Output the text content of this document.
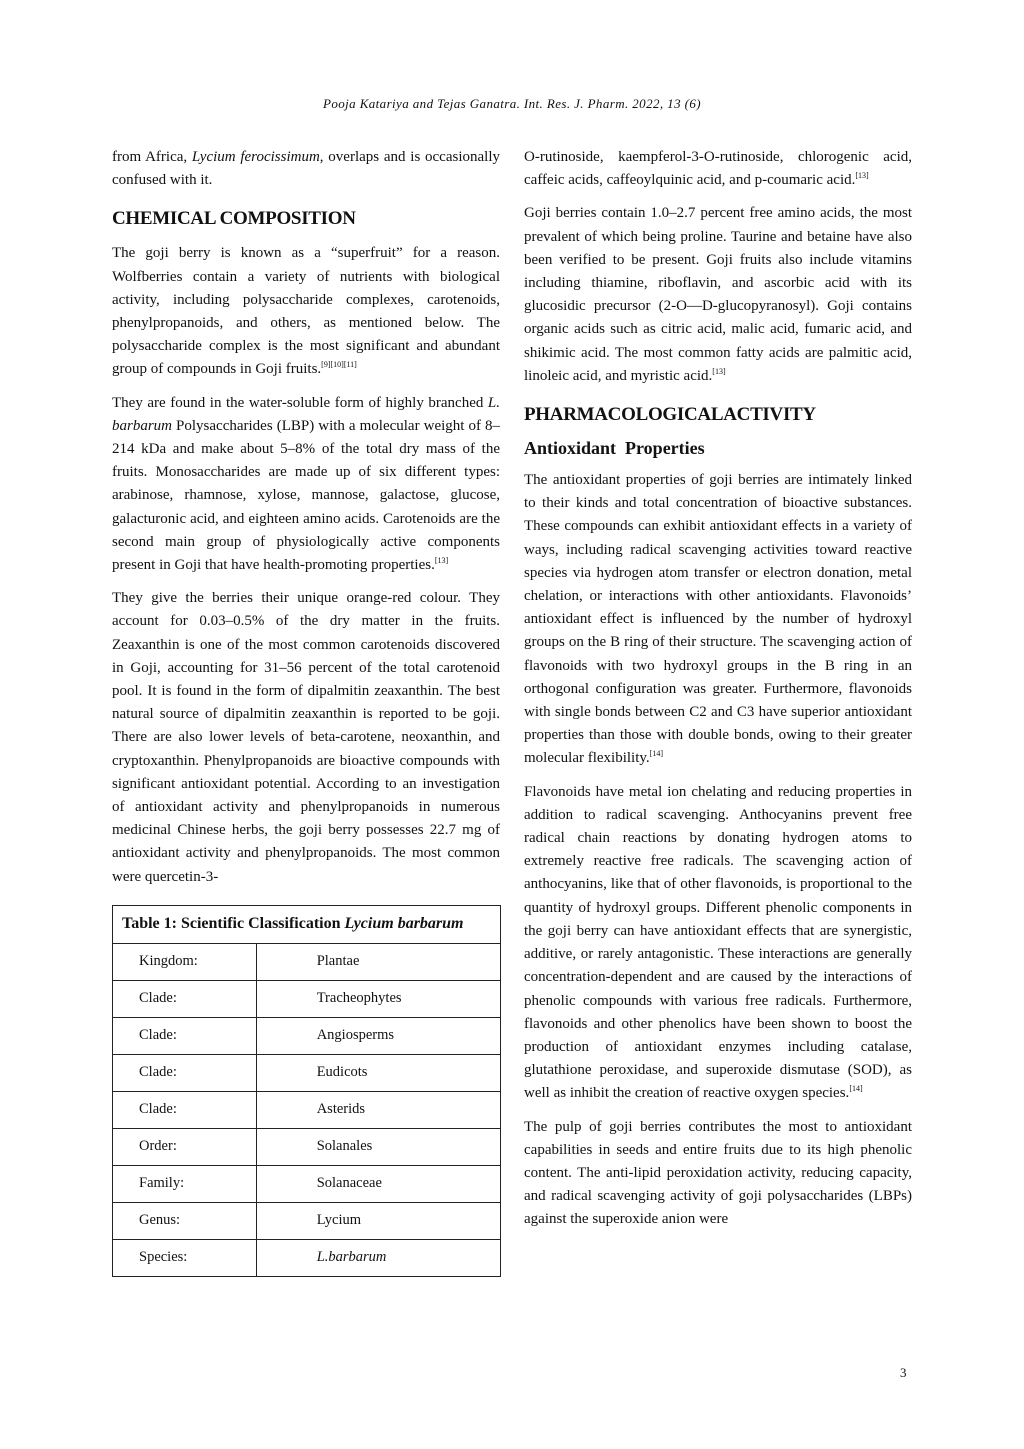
Pooja Katariya and Tejas Ganatra. Int. Res. J. Pharm. 2022, 13 (6)

from Africa, Lycium ferocissimum, overlaps and is occasionally confused with it.

CHEMICAL COMPOSITION

The goji berry is known as a “superfruit” for a reason. Wolfberries contain a variety of nutrients with biological activity, including polysaccharide complexes, carotenoids, phenylpropanoids, and others, as mentioned below. The polysaccharide complex is the most significant and abundant group of compounds in Goji fruits.[9][10][11]

They are found in the water-soluble form of highly branched L. barbarum Polysaccharides (LBP) with a molecular weight of 8–214 kDa and make about 5–8% of the total dry mass of the fruits. Monosaccharides are made up of six different types: arabinose, rhamnose, xylose, mannose, galactose, glucose, galacturonic acid, and eighteen amino acids. Carotenoids are the second main group of physiologically active components present in Goji that have health-promoting properties.[13]

They give the berries their unique orange-red colour. They account for 0.03–0.5% of the dry matter in the fruits. Zeaxanthin is one of the most common carotenoids discovered in Goji, accounting for 31–56 percent of the total carotenoid pool. It is found in the form of dipalmitin zeaxanthin. The best natural source of dipalmitin zeaxanthin is reported to be goji. There are also lower levels of beta-carotene, neoxanthin, and cryptoxanthin. Phenylpropanoids are bioactive compounds with significant antioxidant potential. According to an investigation of antioxidant activity and phenylpropanoids in numerous medicinal Chinese herbs, the goji berry possesses 22.7 mg of antioxidant activity and phenylpropanoids. The most common were quercetin-3-

Table 1: Scientific Classification Lycium barbarum	
Kingdom:	Plantae
Clade:	Tracheophytes
Clade:	Angiosperms
Clade:	Eudicots
Clade:	Asterids
Order:	Solanales
Family:	Solanaceae
Genus:	Lycium
Species:	L.barbarum

O-rutinoside, kaempferol-3-O-rutinoside, chlorogenic acid, caffeic acids, caffeoylquinic acid, and p-coumaric acid.[13]

Goji berries contain 1.0–2.7 percent free amino acids, the most prevalent of which being proline. Taurine and betaine have also been verified to be present. Goji fruits also include vitamins including thiamine, riboflavin, and ascorbic acid with its glucosidic precursor (2-O—D-glucopyranosyl). Goji contains organic acids such as citric acid, malic acid, fumaric acid, and shikimic acid. The most common fatty acids are palmitic acid, linoleic acid, and myristic acid.[13]

PHARMACOLOGICALACTIVITY
Antioxidant  Properties

The antioxidant properties of goji berries are intimately linked to their kinds and total concentration of bioactive substances. These compounds can exhibit antioxidant effects in a variety of ways, including radical scavenging activities toward reactive species via hydrogen atom transfer or electron donation, metal chelation, or interactions with other antioxidants. Flavonoids’ antioxidant effect is influenced by the number of hydroxyl groups on the B ring of their structure. The scavenging action of flavonoids with two hydroxyl groups in the B ring in an orthogonal configuration was greater. Furthermore, flavonoids with single bonds between C2 and C3 have superior antioxidant properties than those with double bonds, owing to their greater molecular flexibility.[14]

Flavonoids have metal ion chelating and reducing properties in addition to radical scavenging. Anthocyanins prevent free radical chain reactions by donating hydrogen atoms to extremely reactive free radicals. The scavenging action of anthocyanins, like that of other flavonoids, is proportional to the quantity of hydroxyl groups. Different phenolic components in the goji berry can have antioxidant effects that are synergistic, additive, or rarely antagonistic. These interactions are generally concentration-dependent and are caused by the interactions of phenolic compounds with various free radicals. Furthermore, flavonoids and other phenolics have been shown to boost the production of antioxidant enzymes including catalase, glutathione peroxidase, and superoxide dismutase (SOD), as well as inhibit the creation of reactive oxygen species.[14]

The pulp of goji berries contributes the most to antioxidant capabilities in seeds and entire fruits due to its high phenolic content. The anti-lipid peroxidation activity, reducing capacity, and radical scavenging activity of goji polysaccharides (LBPs) against the superoxide anion were

3
